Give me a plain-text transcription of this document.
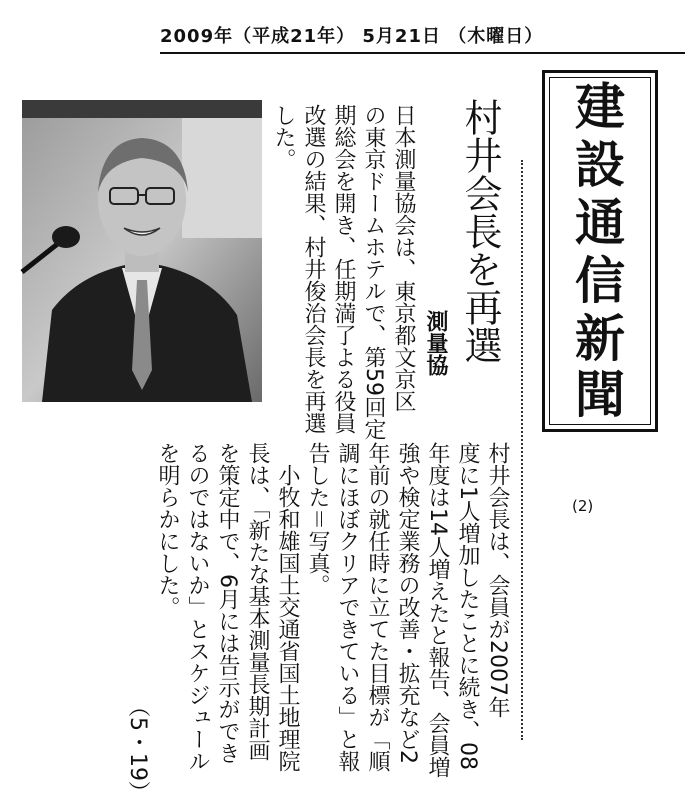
2009年（平成21年） 5月21日 （木曜日）
建
設
通
信
新
聞
(2)
村井会長を再選
測量協

日本測量協会は、東京都文京区

の東京ドームホテルで、第59回定

期総会を開き、任期満了よる役員

改選の結果、村井俊治会長を再選

した。

村井会長は、会員が2007年

度に1人増加したことに続き、08

年度は14人増えたと報告、会員増

強や検定業務の改善・拡充など2

年前の就任時に立てた目標が「順

調にほぼクリアできている」と報

告した＝写真。

　小牧和雄国土交通省国土地理院

長は、「新たな基本測量長期計画

を策定中で、6月には告示ができ

るのではないか」とスケジュール

を明らかにした。

　　　　　　　　　　　　（5・19）
